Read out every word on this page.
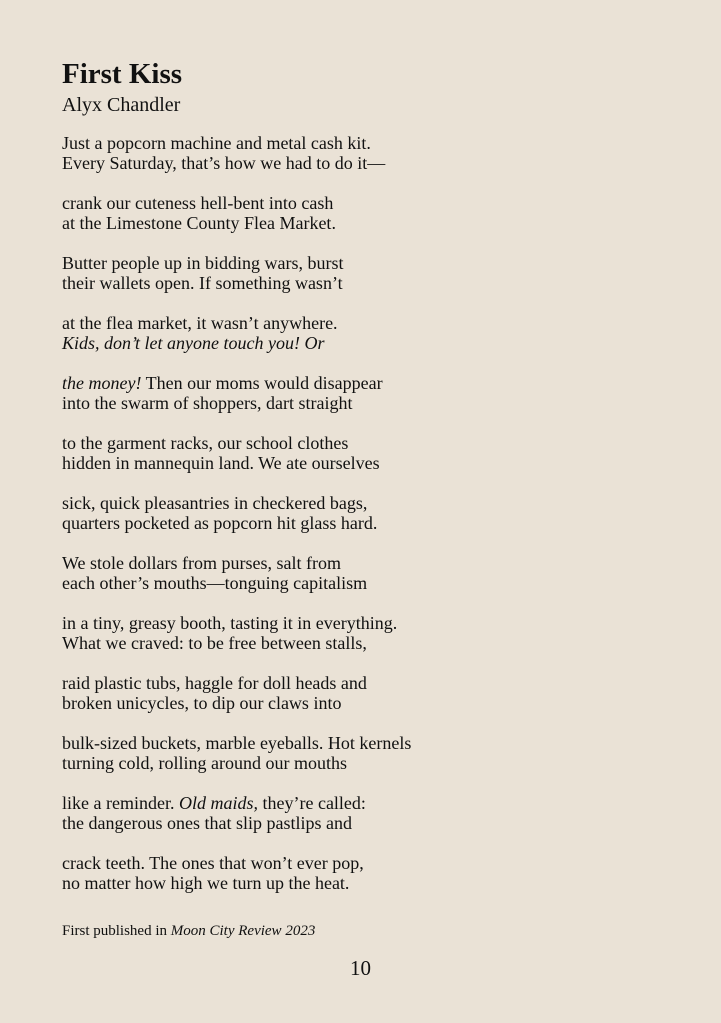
First Kiss
Alyx Chandler
Just a popcorn machine and metal cash kit.
Every Saturday, that’s how we had to do it—
crank our cuteness hell-bent into cash
at the Limestone County Flea Market.
Butter people up in bidding wars, burst
their wallets open. If something wasn’t
at the flea market, it wasn’t anywhere.
Kids, don’t let anyone touch you! Or
the money! Then our moms would disappear
into the swarm of shoppers, dart straight
to the garment racks, our school clothes
hidden in mannequin land. We ate ourselves
sick, quick pleasantries in checkered bags,
quarters pocketed as popcorn hit glass hard.
We stole dollars from purses, salt from
each other’s mouths—tonguing capitalism
in a tiny, greasy booth, tasting it in everything.
What we craved: to be free between stalls,
raid plastic tubs, haggle for doll heads and
broken unicycles, to dip our claws into
bulk-sized buckets, marble eyeballs. Hot kernels
turning cold, rolling around our mouths
like a reminder. Old maids, they’re called:
the dangerous ones that slip pastlips and
crack teeth. The ones that won’t ever pop,
no matter how high we turn up the heat.
First published in Moon City Review 2023
10
